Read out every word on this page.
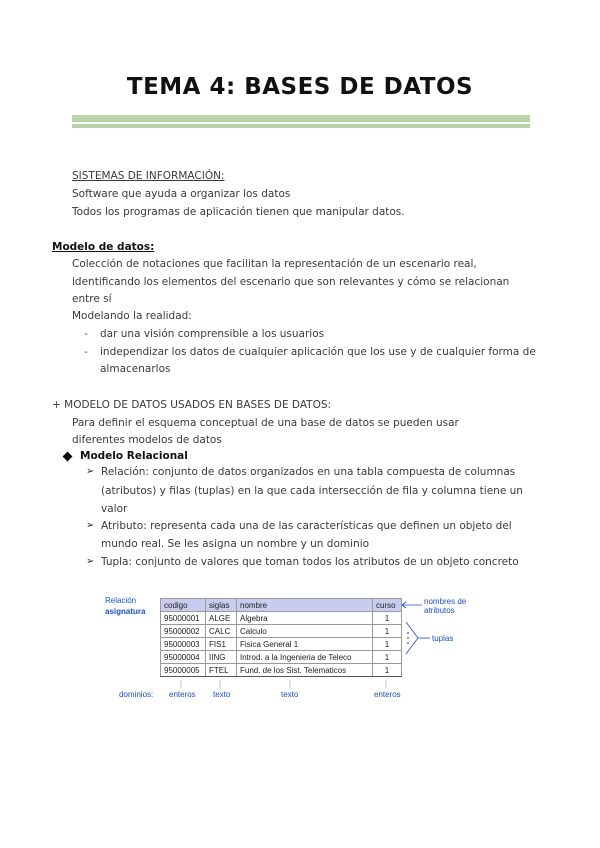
TEMA 4: BASES DE DATOS
SISTEMAS DE INFORMACIÓN:
Software que ayuda a organizar los datos
Todos los programas de aplicación tienen que manipular datos.
Modelo de datos:
Colección de notaciones que facilitan la representación de un escenario real,
identificando los elementos del escenario que son relevantes y cómo se relacionan
entre sí
Modelando la realidad:
- dar una visión comprensible a los usuarios
- independizar los datos de cualquier aplicación que los use y de cualquier forma de
almacenarlos
+ MODELO DE DATOS USADOS EN BASES DE DATOS:
Para definir el esquema conceptual de una base de datos se pueden usar
diferentes modelos de datos
Modelo Relacional
➢ Relación: conjunto de datos organizados en una tabla compuesta de columnas
(atributos) y filas (tuplas) en la que cada intersección de fila y columna tiene un
valor
➢ Atributo: representa cada una de las características que definen un objeto del
mundo real. Se les asigna un nombre y un dominio
➢ Tupla: conjunto de valores que toman todos los atributos de un objeto concreto
Relación
asignatura
codigo	siglas	nombre	curso
95000001	ALGE	Algebra	1
95000002	CALC	Calculo	1
95000003	FIS1	Fisica General 1	1
95000004	IING	Introd. a la Ingenieria de Teleco	1
95000005	FTEL	Fund. de los Sist. Telematicos	1
nombres de
atributos
tuplas
dominios: enteros texto	texto	enteros
